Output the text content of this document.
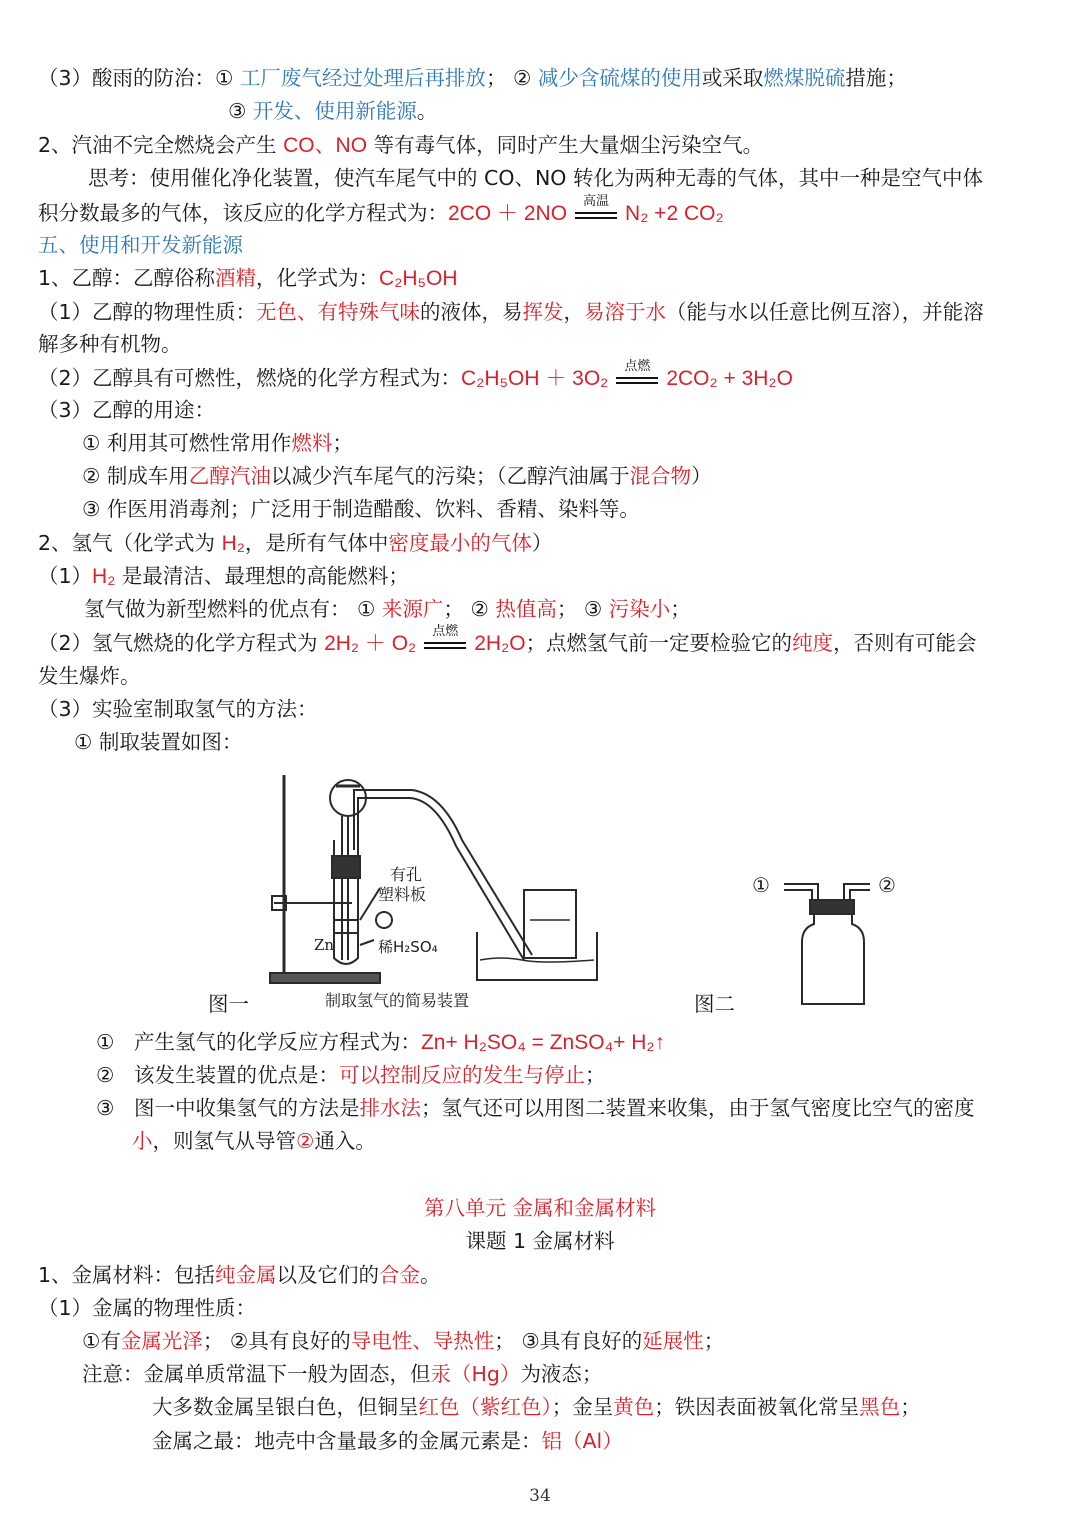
（3）酸雨的防治：① 工厂废气经过处理后再排放； ② 减少含硫煤的使用或采取燃煤脱硫措施；
③ 开发、使用新能源。
2、汽油不完全燃烧会产生 CO、NO 等有毒气体，同时产生大量烟尘污染空气。
思考：使用催化净化装置，使汽车尾气中的 CO、NO 转化为两种无毒的气体，其中一种是空气中体
积分数最多的气体，该反应的化学方程式为：2CO ＋ 2NO
高温
N₂ +2 CO₂
五、使用和开发新能源
1、乙醇：乙醇俗称酒精，化学式为：C₂H₅OH
（1）乙醇的物理性质：无色、有特殊气味的液体，易挥发，易溶于水（能与水以任意比例互溶），并能溶
解多种有机物。
（2）乙醇具有可燃性，燃烧的化学方程式为：C₂H₅OH ＋ 3O₂
点燃
2CO₂ + 3H₂O
（3）乙醇的用途：
① 利用其可燃性常用作燃料；
② 制成车用乙醇汽油以减少汽车尾气的污染；（乙醇汽油属于混合物）
③ 作医用消毒剂；广泛用于制造醋酸、饮料、香精、染料等。
2、氢气（化学式为 H₂，是所有气体中密度最小的气体）
（1）H₂ 是最清洁、最理想的高能燃料；
氢气做为新型燃料的优点有： ① 来源广； ② 热值高； ③ 污染小；
（2）氢气燃烧的化学方程式为 2H₂ ＋ O₂
点燃
2H₂O；点燃氢气前一定要检验它的纯度，否则有可能会
发生爆炸。
（3）实验室制取氢气的方法：
① 制取装置如图：
有孔
塑料板
Zn	稀H₂SO₄
制取氢气的简易装置
图一
①	②
图二
① 产生氢气的化学反应方程式为：Zn+ H₂SO₄ = ZnSO₄+ H₂↑
② 该发生装置的优点是：可以控制反应的发生与停止；
③ 图一中收集氢气的方法是排水法；氢气还可以用图二装置来收集，由于氢气密度比空气的密度
小，则氢气从导管②通入。
第八单元 金属和金属材料
课题 1 金属材料
1、金属材料：包括纯金属以及它们的合金。
（1）金属的物理性质：
①有金属光泽； ②具有良好的导电性、导热性； ③具有良好的延展性；
注意：金属单质常温下一般为固态，但汞（Hg）为液态；
大多数金属呈银白色，但铜呈红色（紫红色）；金呈黄色；铁因表面被氧化常呈黑色；
金属之最：地壳中含量最多的金属元素是：铝（Al）
34
